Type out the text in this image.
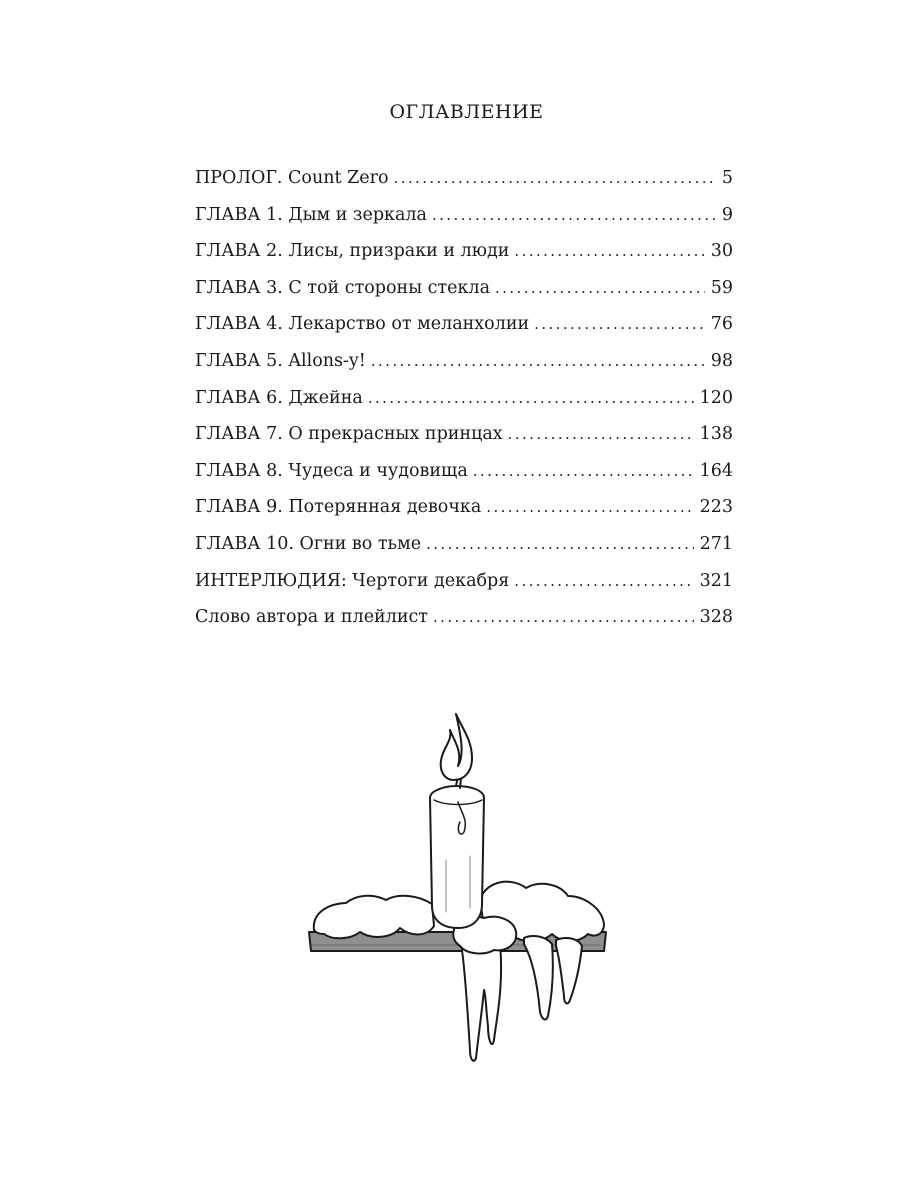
ОГЛАВЛЕНИЕ
ПРОЛОГ. Count Zero .....	5
ГЛАВА 1. Дым и зеркала .....	9
ГЛАВА 2. Лисы, призраки и люди .....	30
ГЛАВА 3. С той стороны стекла .....	59
ГЛАВА 4. Лекарство от меланхолии .....	76
ГЛАВА 5. Allons-y! .....	98
ГЛАВА 6. Джейна .....	120
ГЛАВА 7. О прекрасных принцах .....	138
ГЛАВА 8. Чудеса и чудовища .....	164
ГЛАВА 9. Потерянная девочка .....	223
ГЛАВА 10. Огни во тьме .....	271
ИНТЕРЛЮДИЯ: Чертоги декабря .....	321
Слово автора и плейлист .....	328
